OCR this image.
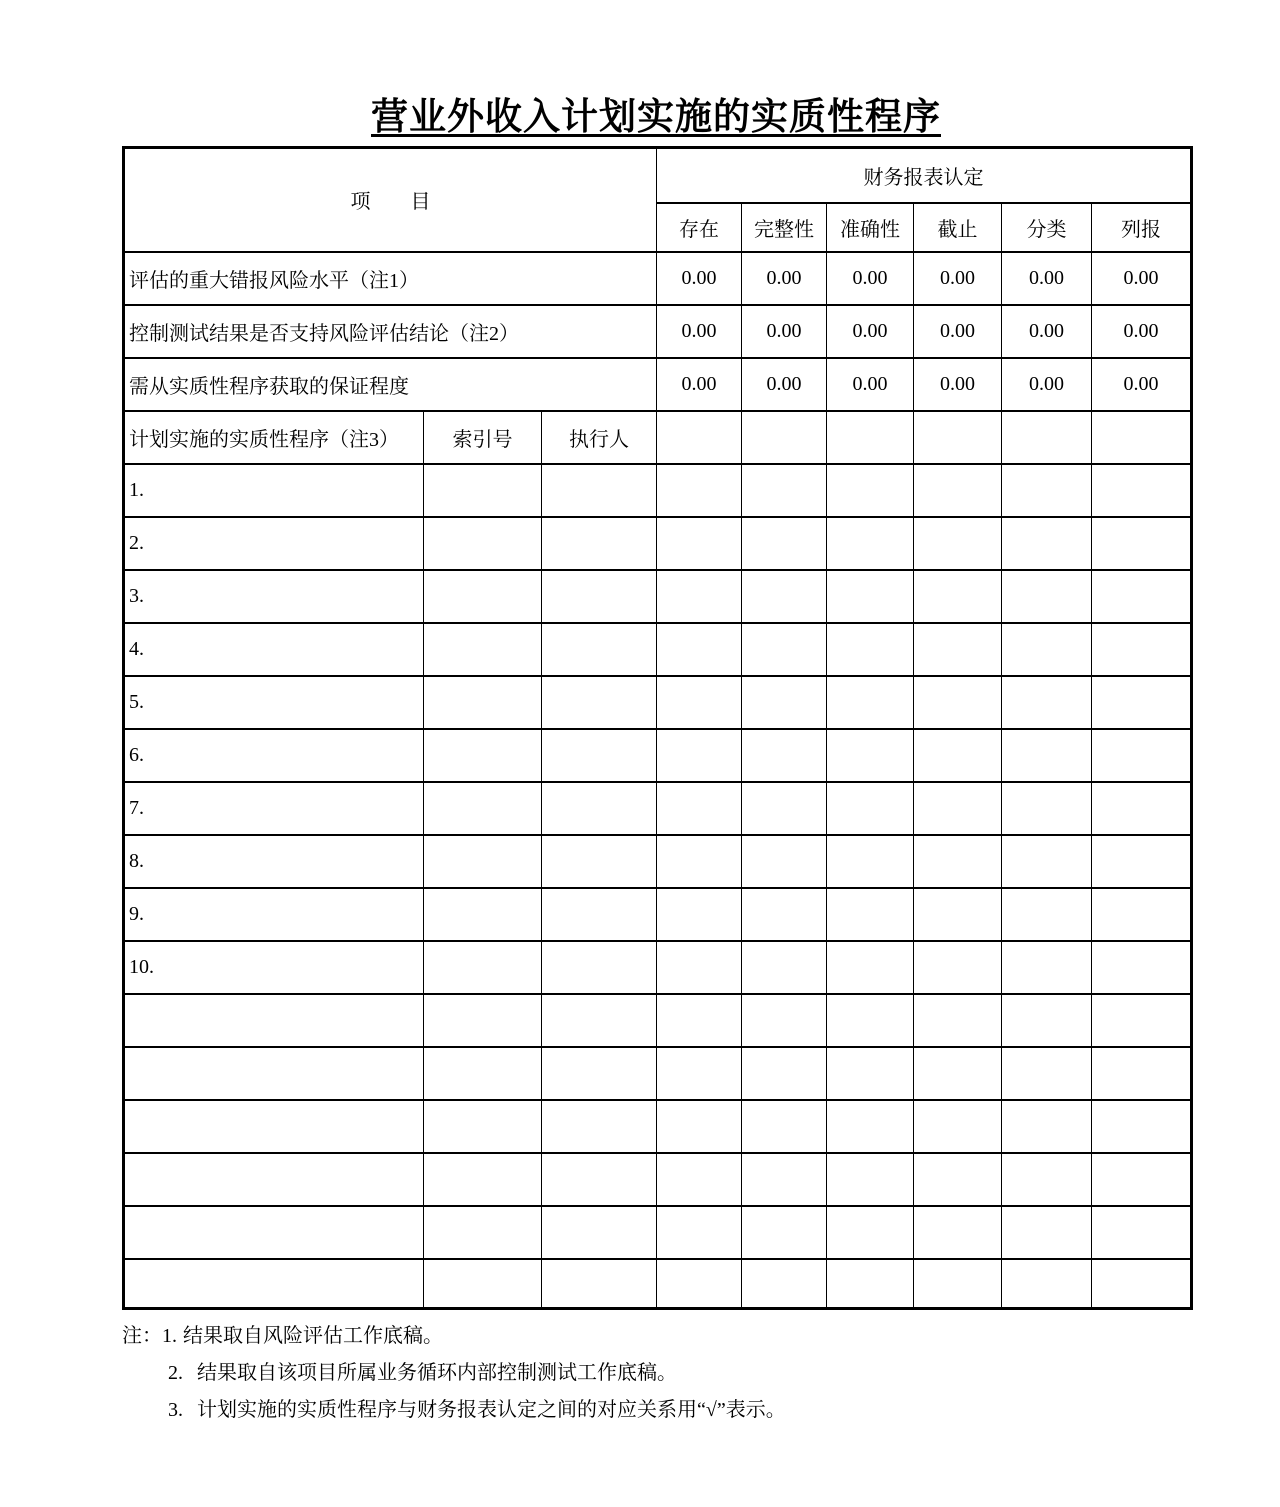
营业外收入计划实施的实质性程序
项　　目			财务报表认定					
			存在	完整性	准确性	截止	分类	列报
评估的重大错报风险水平（注1）			0.00	0.00	0.00	0.00	0.00	0.00
控制测试结果是否支持风险评估结论（注2）			0.00	0.00	0.00	0.00	0.00	0.00
需从实质性程序获取的保证程度			0.00	0.00	0.00	0.00	0.00	0.00
计划实施的实质性程序（注3）	索引号	执行人						
1.								
2.								
3.								
4.								
5.								
6.								
7.								
8.								
9.								
10.								

注：1. 结果取自风险评估工作底稿。
2. 结果取自该项目所属业务循环内部控制测试工作底稿。
3. 计划实施的实质性程序与财务报表认定之间的对应关系用“√”表示。
